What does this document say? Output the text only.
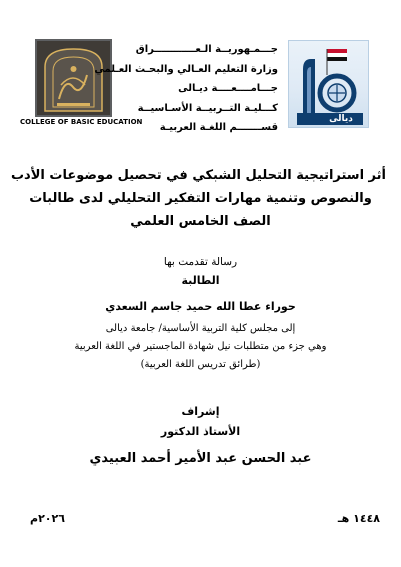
ديالى
COLLEGE OF BASIC EDUCATION
جـــمـهوريــة الـعــــــــــــراق
وزارة التعليم العـالي والبحـث العـلمي
جـــامــــعــــة ديـالى
كـــليـة التــربيــة الأسـاسيــة
قســـــــم اللغـة العربيـة
أثر استراتيجية التحليل الشبكي في تحصيل موضوعات الأدب
والنصوص وتنمية مهارات التفكير التحليلي لدى طالبات
الصف الخامس العلمي
رسالة تقدمت بها
الطالبة
حوراء عطا الله حميد جاسم السعدي
إلى مجلس كلية التربية الأساسية/ جامعة ديالى
وهي جزء من متطلبات نيل شهادة الماجستير في اللغة العربية
(طرائق تدريس اللغة العربية)
إشراف
الأستاذ الدكتور
عبد الحسن عبد الأمير أحمد العبيدي
١٤٤٨ هـ
٢٠٢٦م
